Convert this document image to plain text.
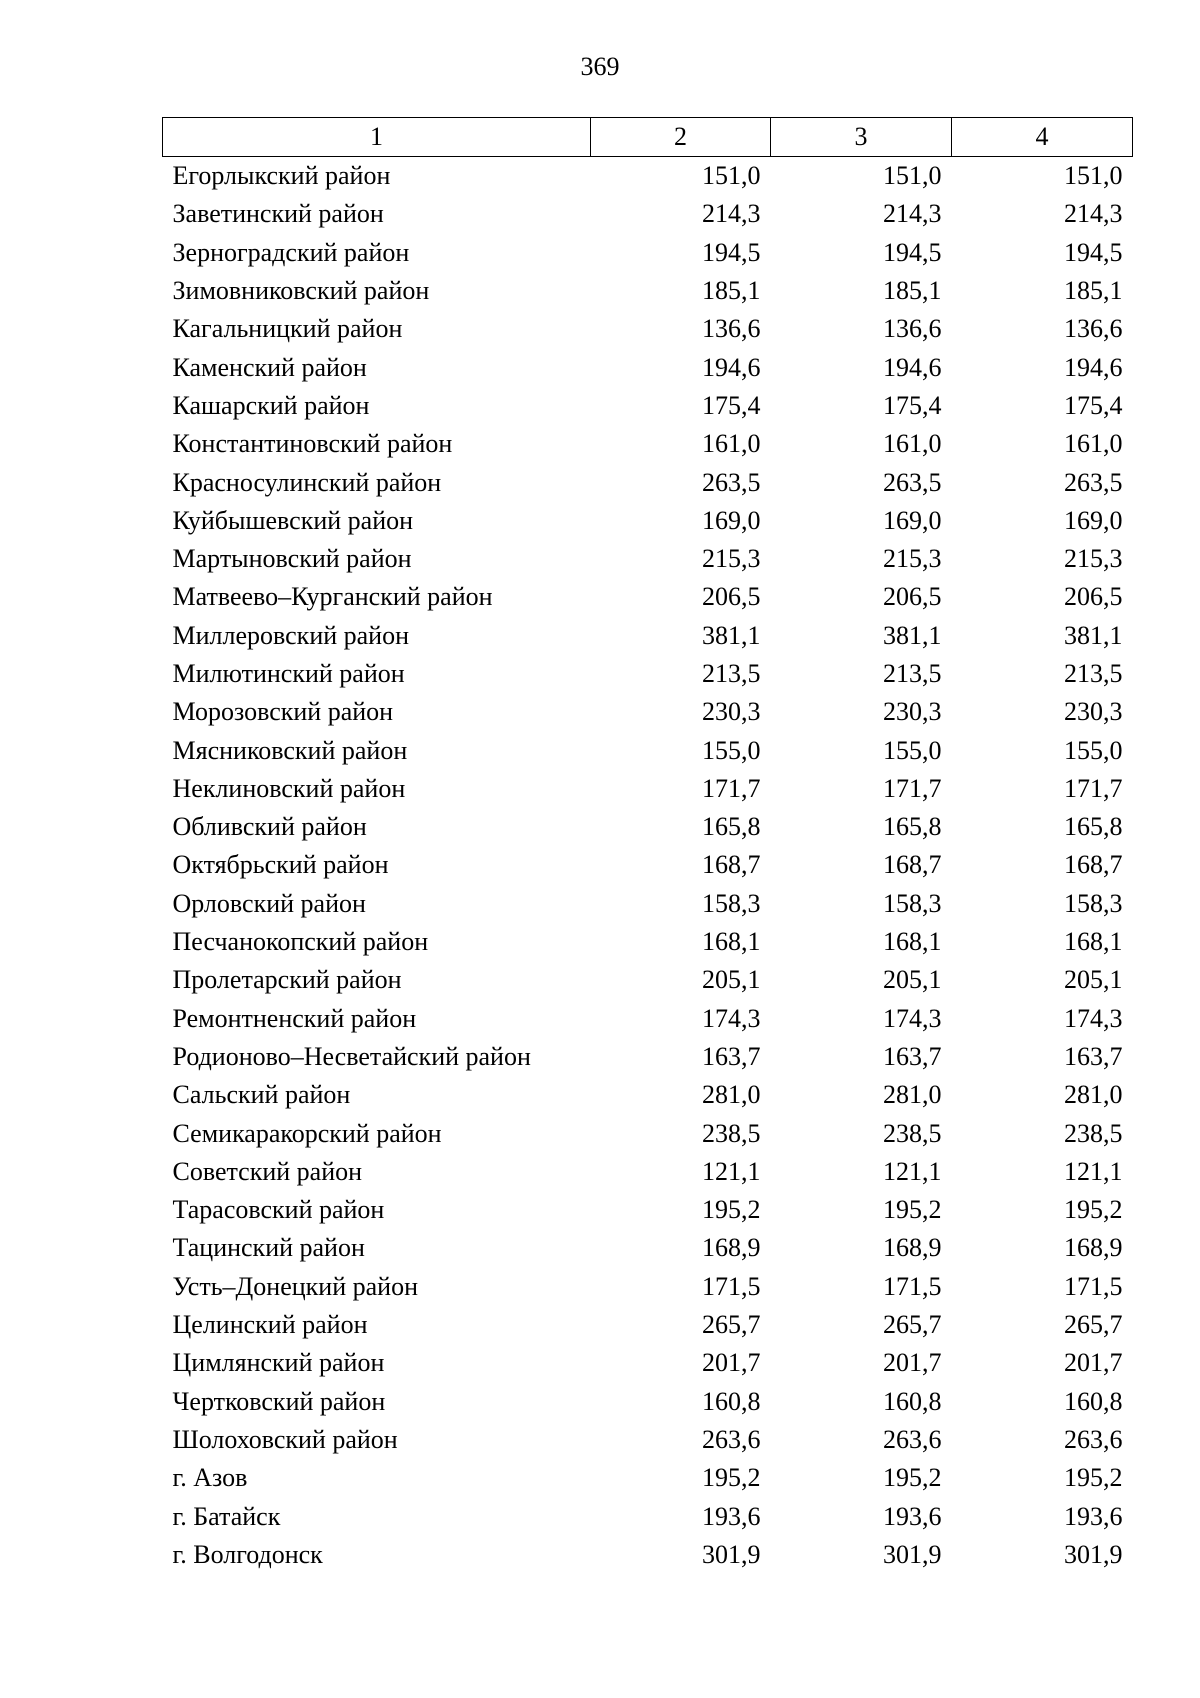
369
1	2	3	4
Егорлыкский район	151,0	151,0	151,0
Заветинский район	214,3	214,3	214,3
Зерноградский район	194,5	194,5	194,5
Зимовниковский район	185,1	185,1	185,1
Кагальницкий район	136,6	136,6	136,6
Каменский район	194,6	194,6	194,6
Кашарский район	175,4	175,4	175,4
Константиновский район	161,0	161,0	161,0
Красносулинский район	263,5	263,5	263,5
Куйбышевский район	169,0	169,0	169,0
Мартыновский район	215,3	215,3	215,3
Матвеево–Курганский район	206,5	206,5	206,5
Миллеровский район	381,1	381,1	381,1
Милютинский район	213,5	213,5	213,5
Морозовский район	230,3	230,3	230,3
Мясниковский район	155,0	155,0	155,0
Неклиновский район	171,7	171,7	171,7
Обливский район	165,8	165,8	165,8
Октябрьский район	168,7	168,7	168,7
Орловский район	158,3	158,3	158,3
Песчанокопский район	168,1	168,1	168,1
Пролетарский район	205,1	205,1	205,1
Ремонтненский район	174,3	174,3	174,3
Родионово–Несветайский район	163,7	163,7	163,7
Сальский район	281,0	281,0	281,0
Семикаракорский район	238,5	238,5	238,5
Советский район	121,1	121,1	121,1
Тарасовский район	195,2	195,2	195,2
Тацинский район	168,9	168,9	168,9
Усть–Донецкий район	171,5	171,5	171,5
Целинский район	265,7	265,7	265,7
Цимлянский район	201,7	201,7	201,7
Чертковский район	160,8	160,8	160,8
Шолоховский район	263,6	263,6	263,6
г. Азов	195,2	195,2	195,2
г. Батайск	193,6	193,6	193,6
г. Волгодонск	301,9	301,9	301,9
